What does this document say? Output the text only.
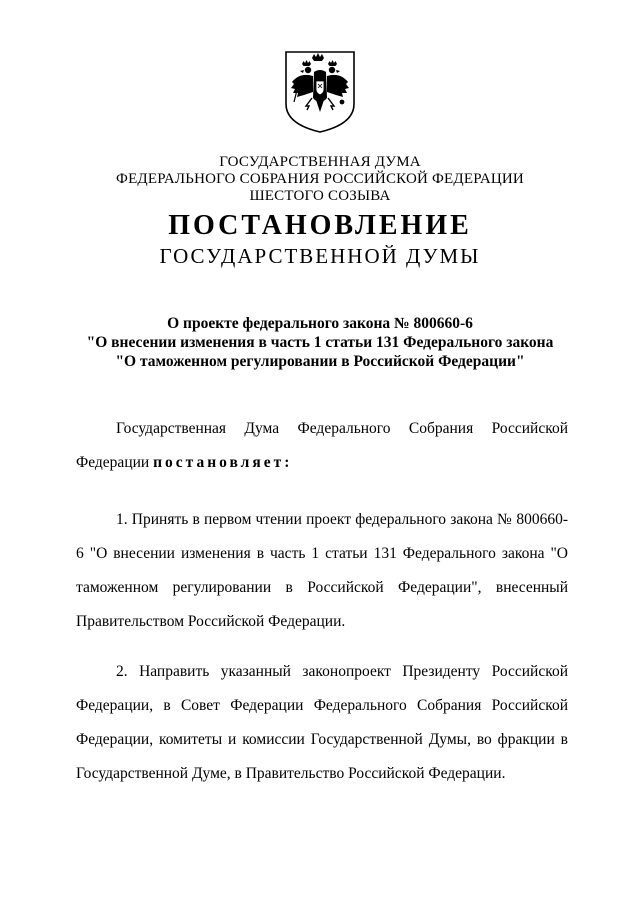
ГОСУДАРСТВЕННАЯ ДУМА
ФЕДЕРАЛЬНОГО СОБРАНИЯ РОССИЙСКОЙ ФЕДЕРАЦИИ
ШЕСТОГО СОЗЫВА
ПОСТАНОВЛЕНИЕ
ГОСУДАРСТВЕННОЙ ДУМЫ
О проекте федерального закона № 800660-6
"О внесении изменения в часть 1 статьи 131 Федерального закона
"О таможенном регулировании в Российской Федерации"

Государственная Дума Федерального Собрания Российской Федерации постановляет:

1. Принять в первом чтении проект федерального закона № 800660-6 "О внесении изменения в часть 1 статьи 131 Федерального закона "О таможенном регулировании в Российской Федерации", внесенный Правительством Российской Федерации.

2. Направить указанный законопроект Президенту Российской Федерации, в Совет Федерации Федерального Собрания Российской Федерации, комитеты и комиссии Государственной Думы, во фракции в Государственной Думе, в Правительство Российской Федерации.
